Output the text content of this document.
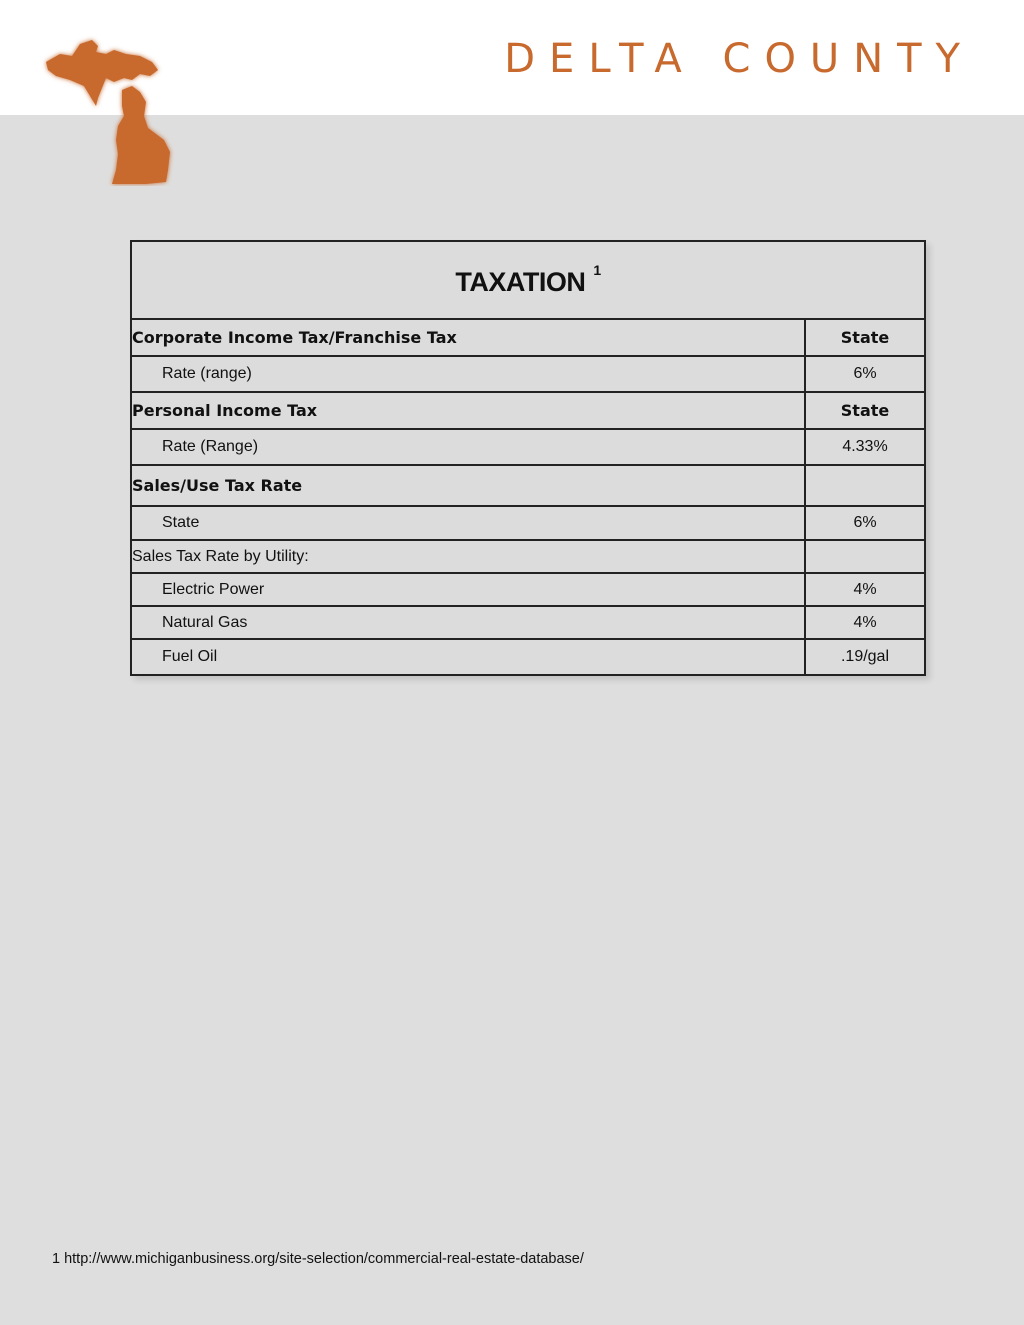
DELTA COUNTY
TAXATION $^1$
Corporate Income Tax/Franchise Tax	State
Rate (range)	6%
Personal Income Tax	State
Rate (Range)	4.33%
Sales/Use Tax Rate
State	6%
Sales Tax Rate by Utility:
Electric Power	4%
Natural Gas	4%
Fuel Oil	.19/gal
1 http://www.michiganbusiness.org/site-selection/commercial-real-estate-database/
